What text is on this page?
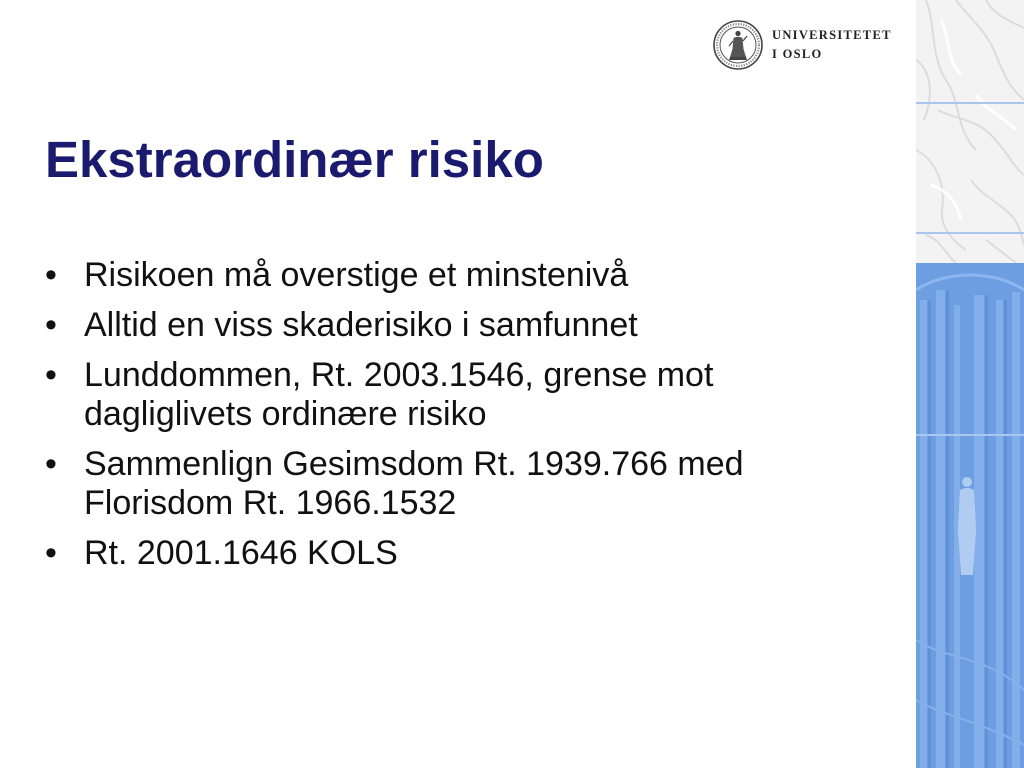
UNIVERSITETET
I OSLO
Ekstraordinær risiko
• Risikoen må overstige et minstenivå
• Alltid en viss skaderisiko i samfunnet
• Lunddommen, Rt. 2003.1546, grense mot dagliglivets ordinære risiko
• Sammenlign Gesimsdom Rt. 1939.766 med Florisdom Rt. 1966.1532
• Rt. 2001.1646 KOLS
